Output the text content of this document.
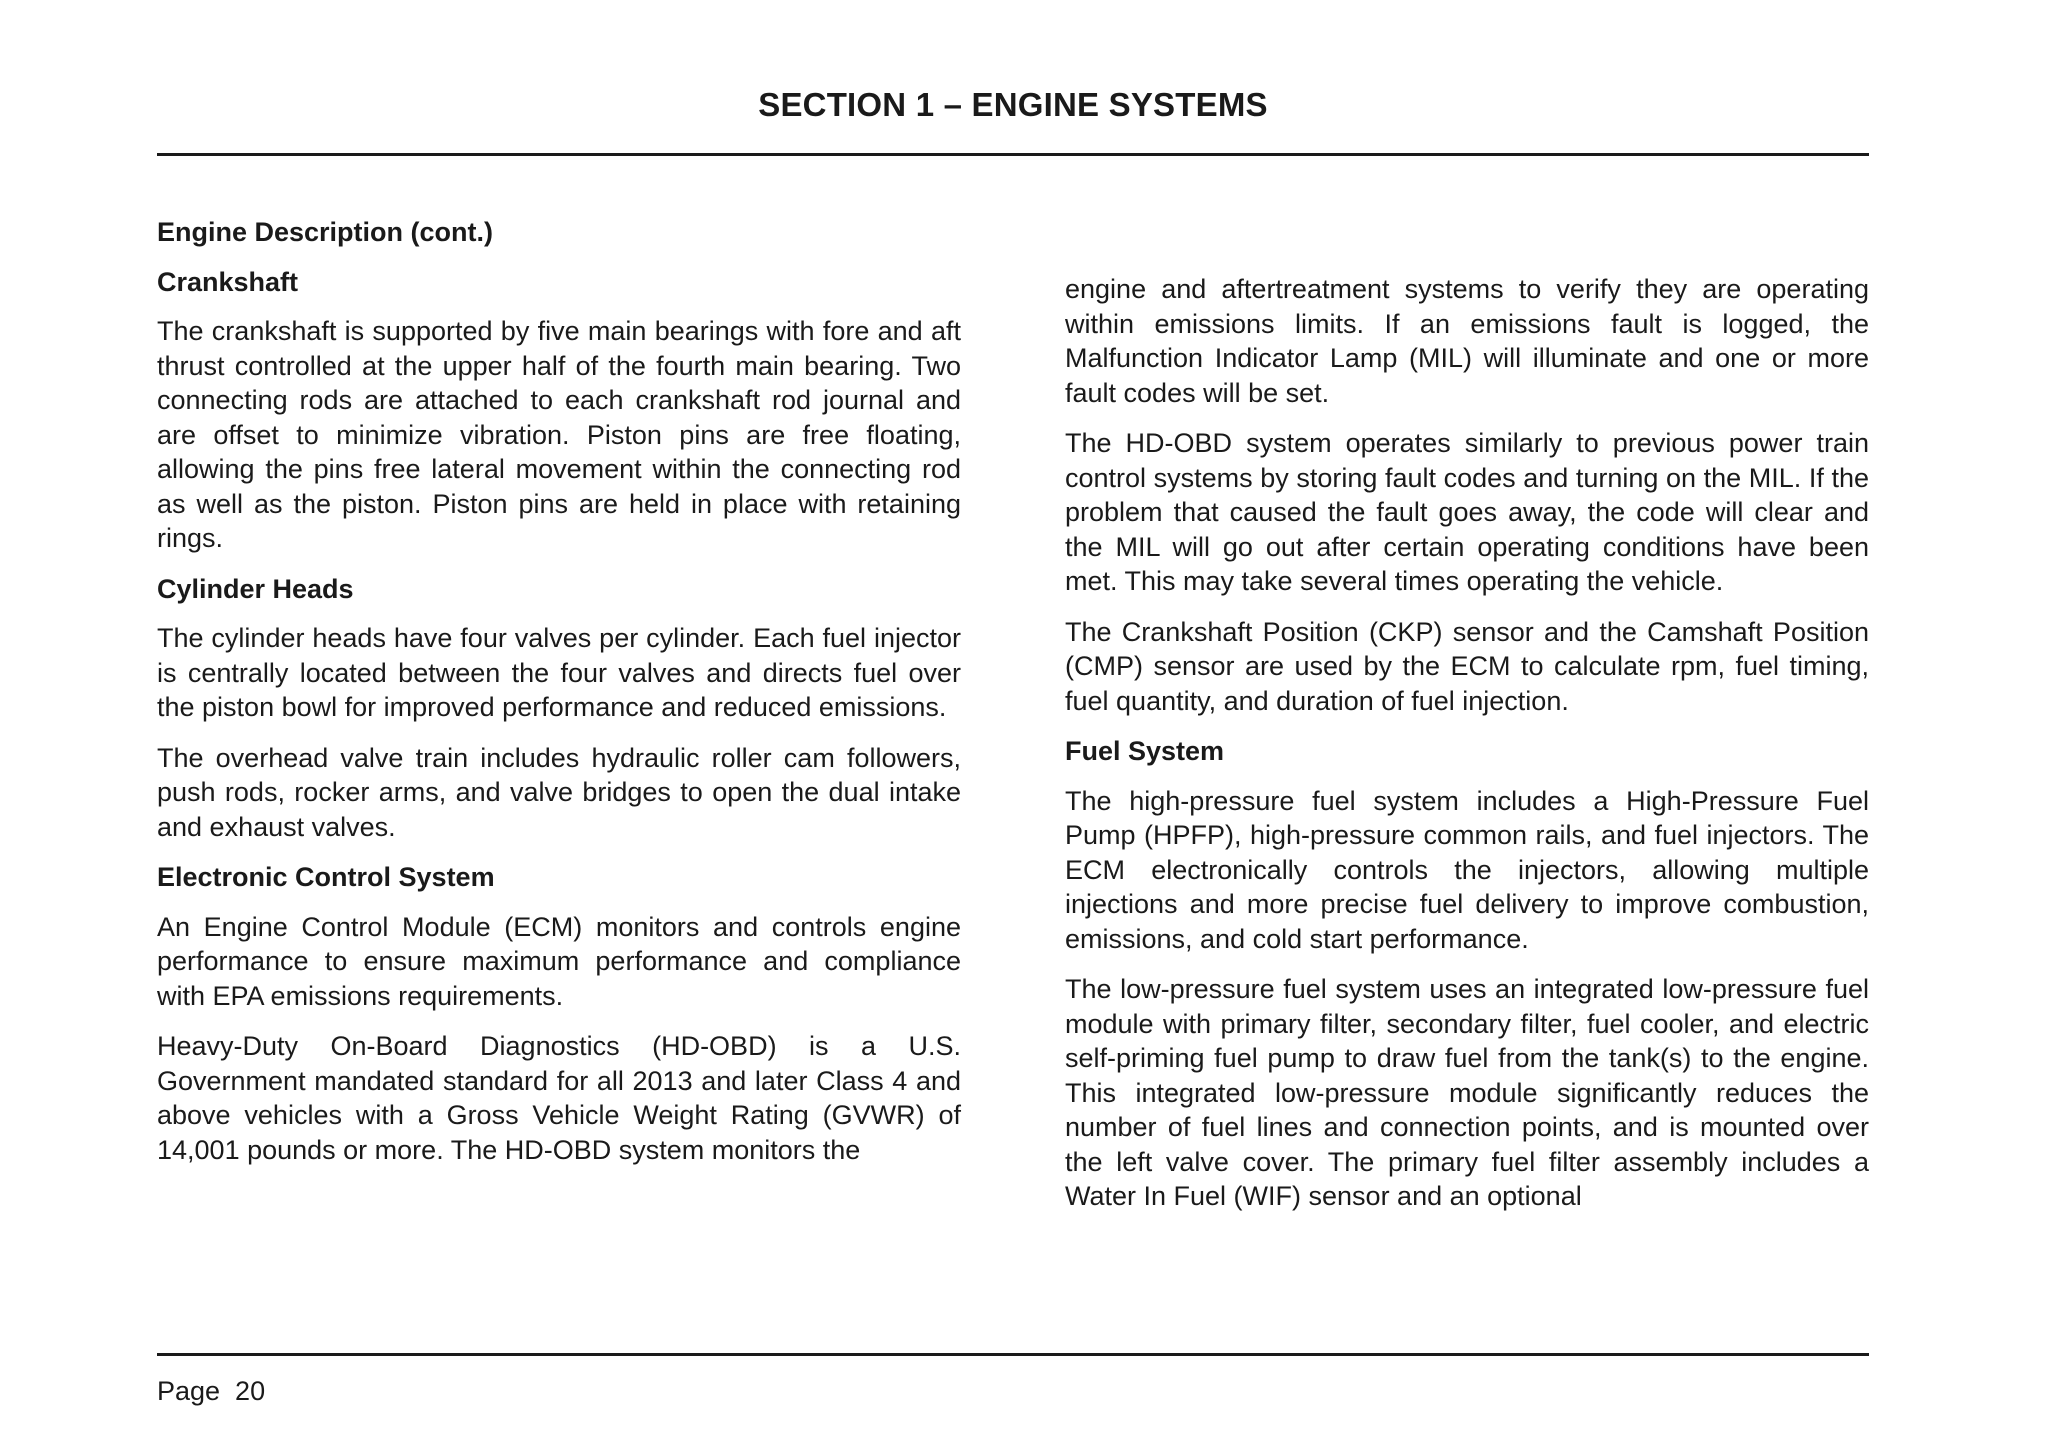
SECTION 1 – ENGINE SYSTEMS
Engine Description (cont.)
Crankshaft

The crankshaft is supported by five main bearings with fore and aft thrust controlled at the upper half of the fourth main bearing. Two connecting rods are attached to each crankshaft rod journal and are offset to minimize vibration. Piston pins are free floating, allowing the pins free lateral movement within the connecting rod as well as the piston. Piston pins are held in place with retaining rings.

Cylinder Heads

The cylinder heads have four valves per cylinder. Each fuel injector is centrally located between the four valves and directs fuel over the piston bowl for improved performance and reduced emissions.

The overhead valve train includes hydraulic roller cam followers, push rods, rocker arms, and valve bridges to open the dual intake and exhaust valves.

Electronic Control System

An Engine Control Module (ECM) monitors and controls engine performance to ensure maximum performance and compliance with EPA emissions requirements.

Heavy-Duty On-Board Diagnostics (HD-OBD) is a U.S. Government mandated standard for all 2013 and later Class 4 and above vehicles with a Gross Vehicle Weight Rating (GVWR) of 14,001 pounds or more. The HD-OBD system monitors the

engine and aftertreatment systems to verify they are operating within emissions limits. If an emissions fault is logged, the Malfunction Indicator Lamp (MIL) will illuminate and one or more fault codes will be set.

The HD-OBD system operates similarly to previous power train control systems by storing fault codes and turning on the MIL. If the problem that caused the fault goes away, the code will clear and the MIL will go out after certain operating conditions have been met. This may take several times operating the vehicle.

The Crankshaft Position (CKP) sensor and the Camshaft Position (CMP) sensor are used by the ECM to calculate rpm, fuel timing, fuel quantity, and duration of fuel injection.

Fuel System

The high-pressure fuel system includes a High-Pressure Fuel Pump (HPFP), high-pressure common rails, and fuel injectors. The ECM electronically controls the injectors, allowing multiple injections and more precise fuel delivery to improve combustion, emissions, and cold start performance.

The low-pressure fuel system uses an integrated low-pressure fuel module with primary filter, secondary filter, fuel cooler, and electric self-priming fuel pump to draw fuel from the tank(s) to the engine. This integrated low-pressure module significantly reduces the number of fuel lines and connection points, and is mounted over the left valve cover. The primary fuel filter assembly includes a Water In Fuel (WIF) sensor and an optional

Page  20
